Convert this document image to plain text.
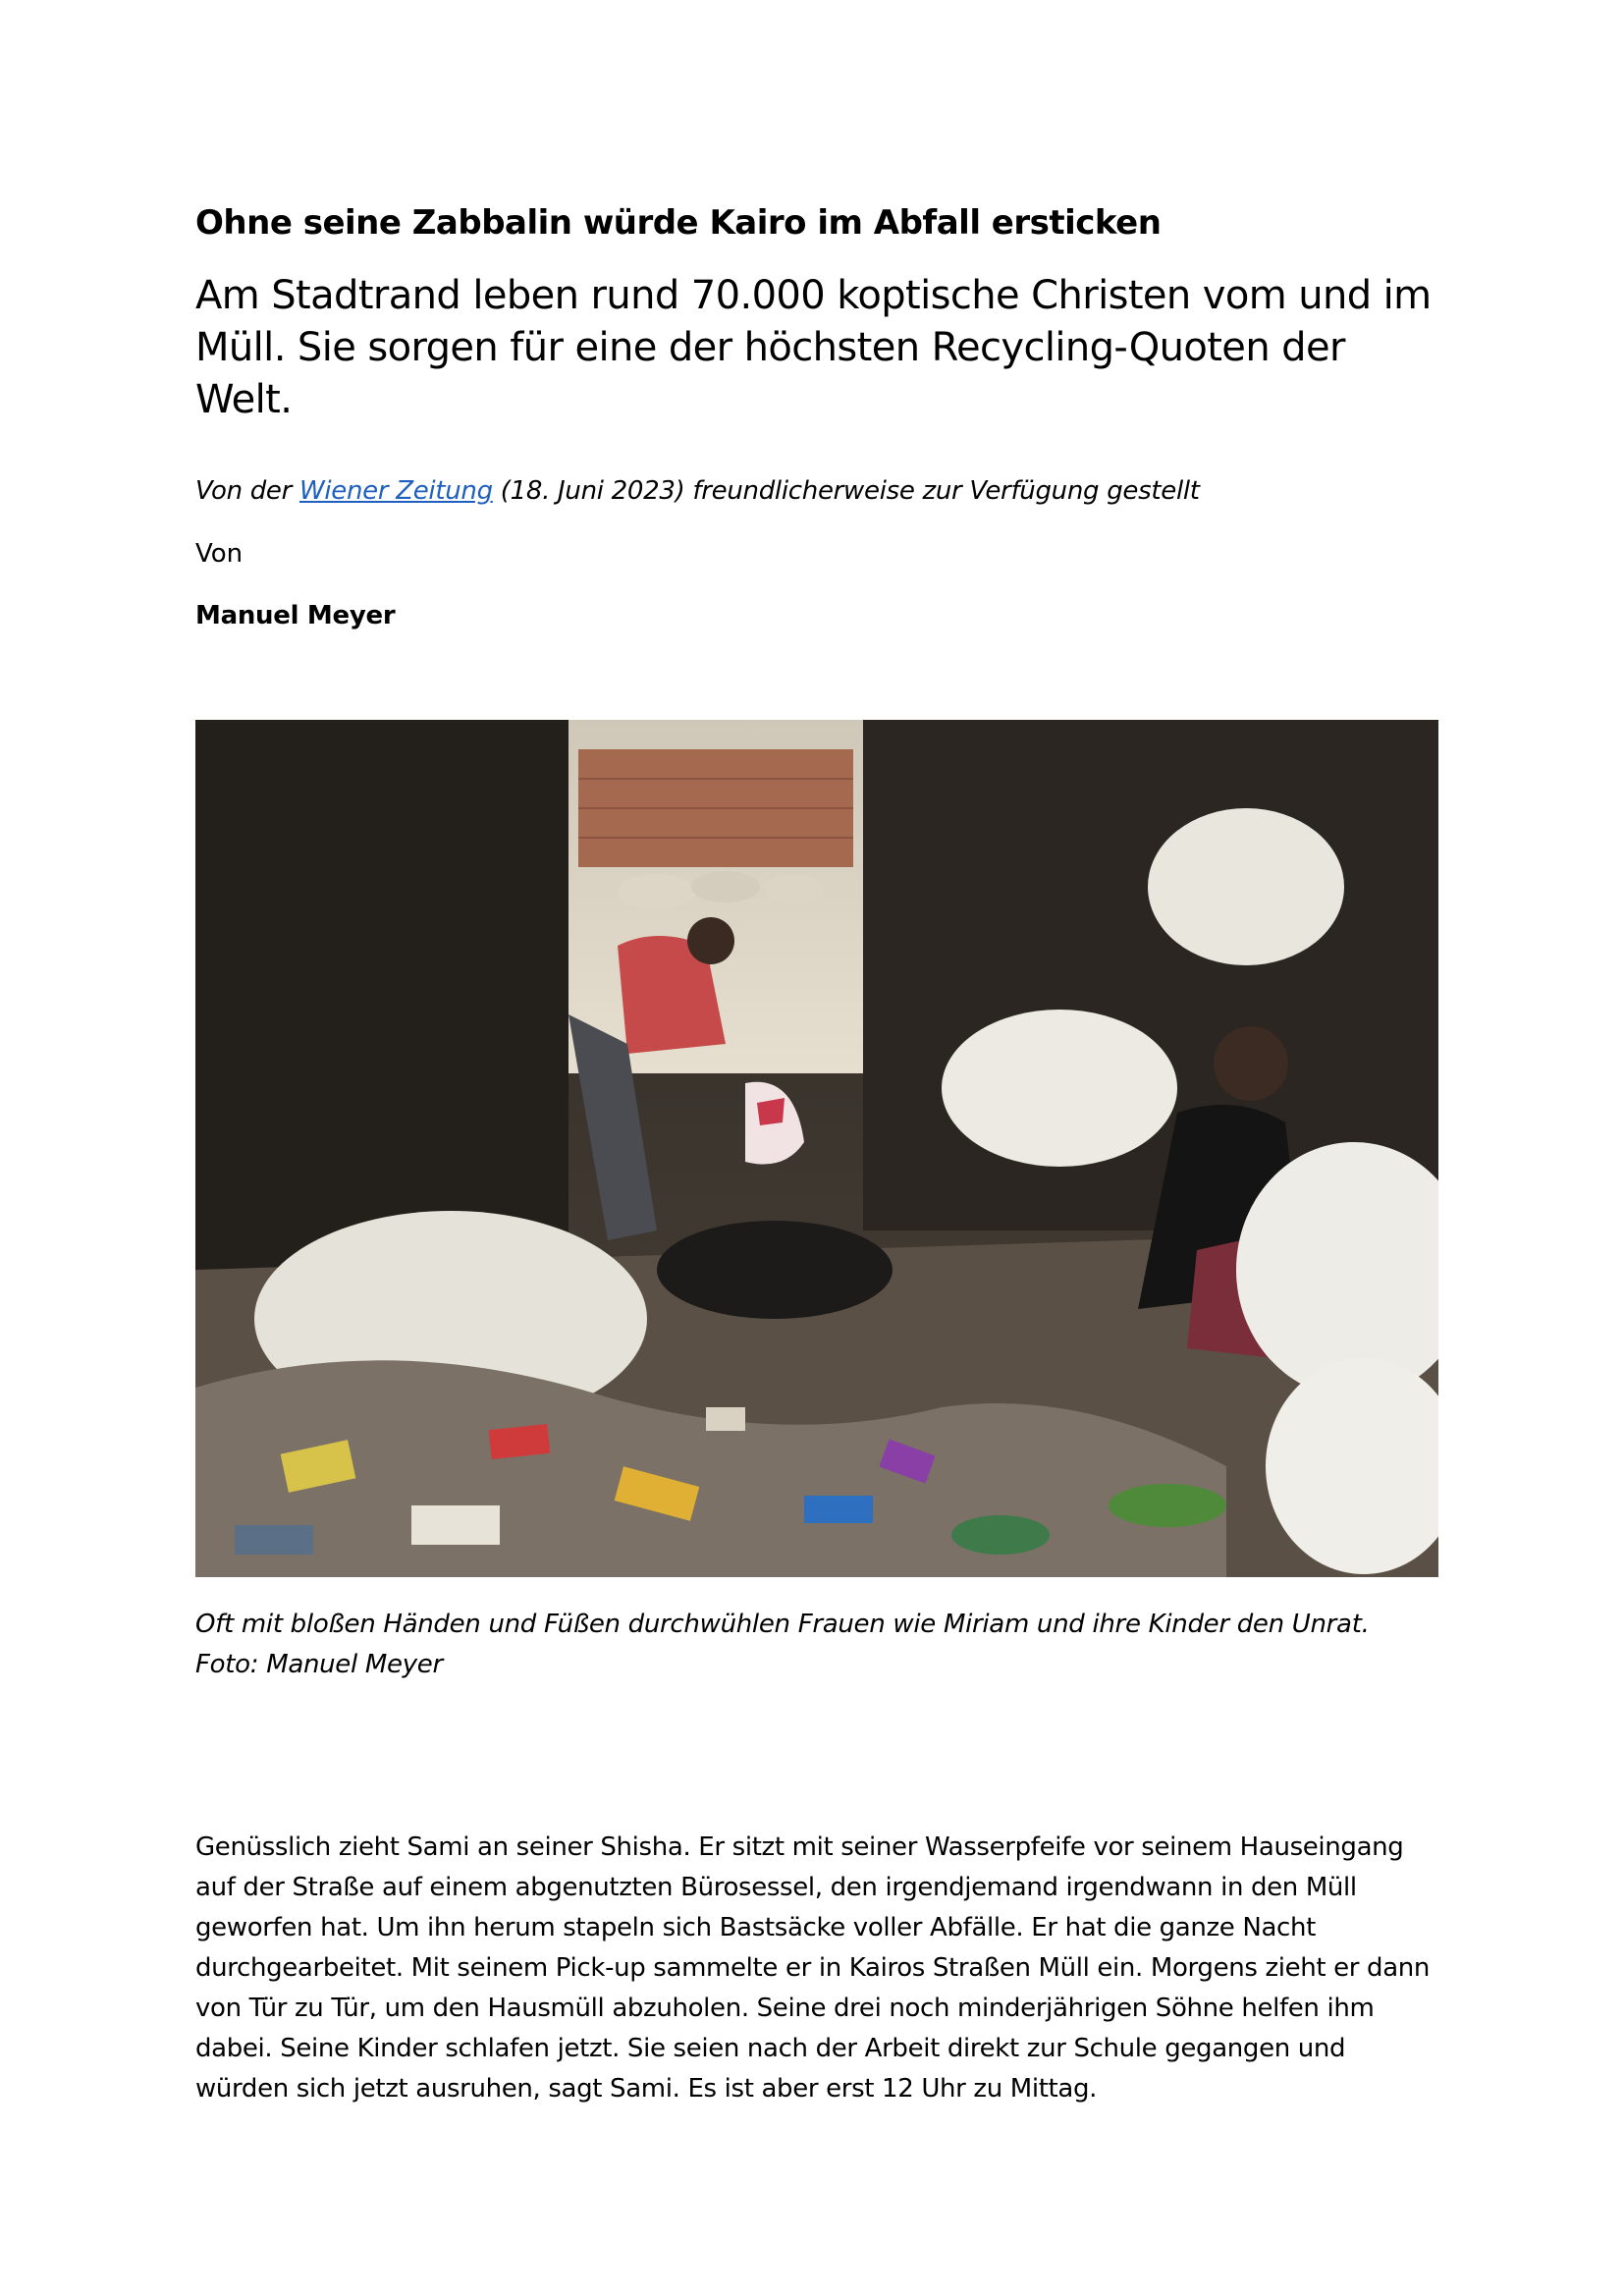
Ohne seine Zabbalin würde Kairo im Abfall ersticken

Am Stadtrand leben rund 70.000 koptische Christen vom und im Müll. Sie sorgen für eine der höchsten Recycling-Quoten der Welt.

Von der Wiener Zeitung (18. Juni 2023) freundlicherweise zur Verfügung gestellt

Von

Manuel Meyer

Oft mit bloßen Händen und Füßen durchwühlen Frauen wie Miriam und ihre Kinder den Unrat. Foto: Manuel Meyer

Genüsslich zieht Sami an seiner Shisha. Er sitzt mit seiner Wasserpfeife vor seinem Hauseingang auf der Straße auf einem abgenutzten Bürosessel, den irgendjemand irgendwann in den Müll geworfen hat. Um ihn herum stapeln sich Bastsäcke voller Abfälle. Er hat die ganze Nacht durchgearbeitet. Mit seinem Pick-up sammelte er in Kairos Straßen Müll ein. Morgens zieht er dann von Tür zu Tür, um den Hausmüll abzuholen. Seine drei noch minderjährigen Söhne helfen ihm dabei. Seine Kinder schlafen jetzt. Sie seien nach der Arbeit direkt zur Schule gegangen und würden sich jetzt ausruhen, sagt Sami. Es ist aber erst 12 Uhr zu Mittag.
